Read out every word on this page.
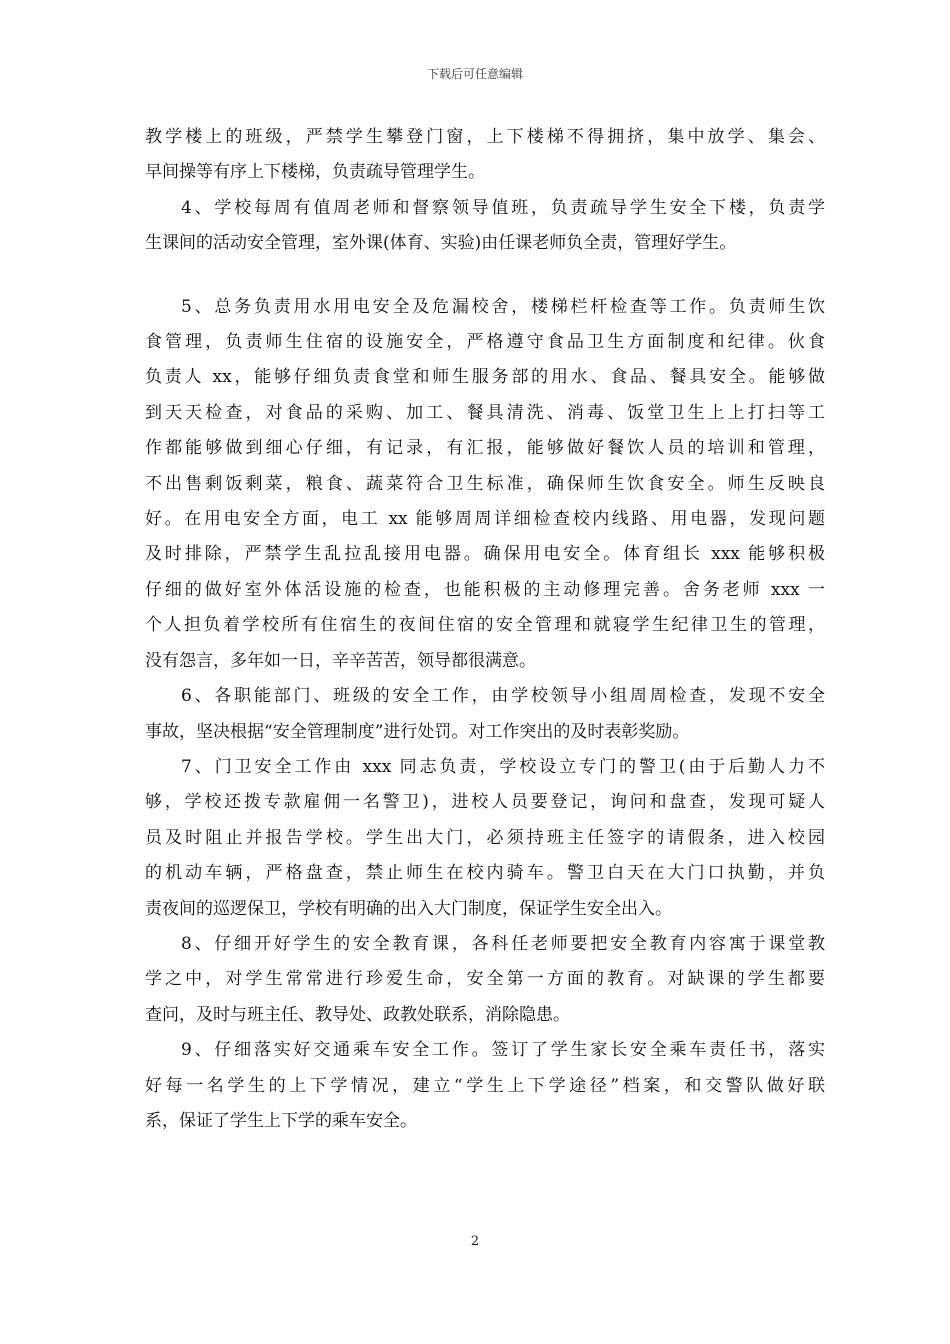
下载后可任意编辑
教学楼上的班级，严禁学生攀登门窗，上下楼梯不得拥挤，集中放学、集会、
早间操等有序上下楼梯，负责疏导管理学生。
4、学校每周有值周老师和督察领导值班，负责疏导学生安全下楼，负责学
生课间的活动安全管理，室外课(体育、实验)由任课老师负全责，管理好学生。
5、总务负责用水用电安全及危漏校舍，楼梯栏杆检查等工作。负责师生饮
食管理，负责师生住宿的设施安全，严格遵守食品卫生方面制度和纪律。伙食
负责人 xx，能够仔细负责食堂和师生服务部的用水、食品、餐具安全。能够做
到天天检查，对食品的采购、加工、餐具清洗、消毒、饭堂卫生上上打扫等工
作都能够做到细心仔细，有记录，有汇报，能够做好餐饮人员的培训和管理，
不出售剩饭剩菜，粮食、蔬菜符合卫生标准，确保师生饮食安全。师生反映良
好。在用电安全方面，电工 xx 能够周周详细检查校内线路、用电器，发现问题
及时排除，严禁学生乱拉乱接用电器。确保用电安全。体育组长 xxx 能够积极
仔细的做好室外体活设施的检查，也能积极的主动修理完善。舍务老师 xxx 一
个人担负着学校所有住宿生的夜间住宿的安全管理和就寝学生纪律卫生的管理，
没有怨言，多年如一日，辛辛苦苦，领导都很满意。
6、各职能部门、班级的安全工作，由学校领导小组周周检查，发现不安全
事故，坚决根据“安全管理制度”进行处罚。对工作突出的及时表彰奖励。
7、门卫安全工作由 xxx 同志负责，学校设立专门的警卫(由于后勤人力不
够，学校还拨专款雇佣一名警卫)，进校人员要登记，询问和盘查，发现可疑人
员及时阻止并报告学校。学生出大门，必须持班主任签字的请假条，进入校园
的机动车辆，严格盘查，禁止师生在校内骑车。警卫白天在大门口执勤，并负
责夜间的巡逻保卫，学校有明确的出入大门制度，保证学生安全出入。
8、仔细开好学生的安全教育课，各科任老师要把安全教育内容寓于课堂教
学之中，对学生常常进行珍爱生命，安全第一方面的教育。对缺课的学生都要
查问，及时与班主任、教导处、政教处联系，消除隐患。
9、仔细落实好交通乘车安全工作。签订了学生家长安全乘车责任书，落实
好每一名学生的上下学情况，建立“学生上下学途径”档案，和交警队做好联
系，保证了学生上下学的乘车安全。
2
